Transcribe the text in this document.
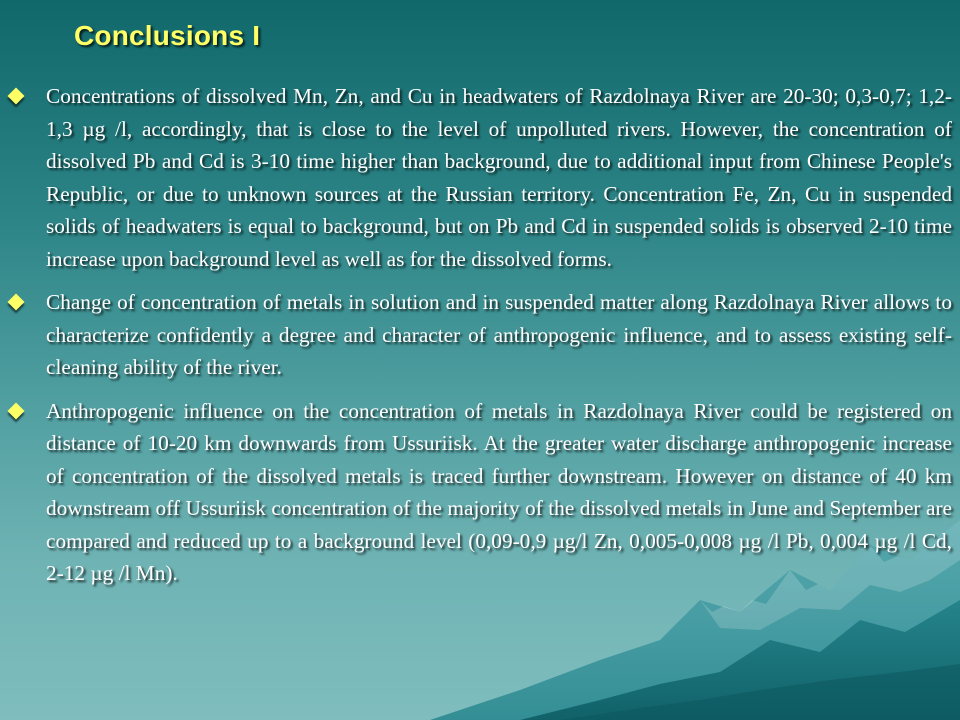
Conclusions I
Concentrations of dissolved Mn, Zn, and Cu in headwaters of Razdolnaya River are 20-30; 0,3-0,7; 1,2-1,3 µg /l, accordingly, that is close to the level of unpolluted rivers. However, the concentration of dissolved Pb and Cd is 3-10 time higher than background, due to additional input from Chinese People's Republic, or due to unknown sources at the Russian territory. Concentration Fe, Zn, Cu in suspended solids of headwaters is equal to background, but on Pb and Cd in suspended solids is observed 2-10 time increase upon background level as well as for the dissolved forms.
Change of concentration of metals in solution and in suspended matter along Razdolnaya River allows to characterize confidently a degree and character of anthropogenic influence, and to assess existing self-cleaning ability of the river.
Anthropogenic influence on the concentration of metals in Razdolnaya River could be registered on distance of 10-20 km downwards from Ussuriisk. At the greater water discharge anthropogenic increase of concentration of the dissolved metals is traced further downstream. However on distance of 40 km downstream off Ussuriisk concentration of the majority of the dissolved metals in June and September are compared and reduced up to a background level (0,09-0,9 µg/l Zn, 0,005-0,008 µg /l Pb, 0,004 µg /l Cd, 2-12 µg /l Mn).
